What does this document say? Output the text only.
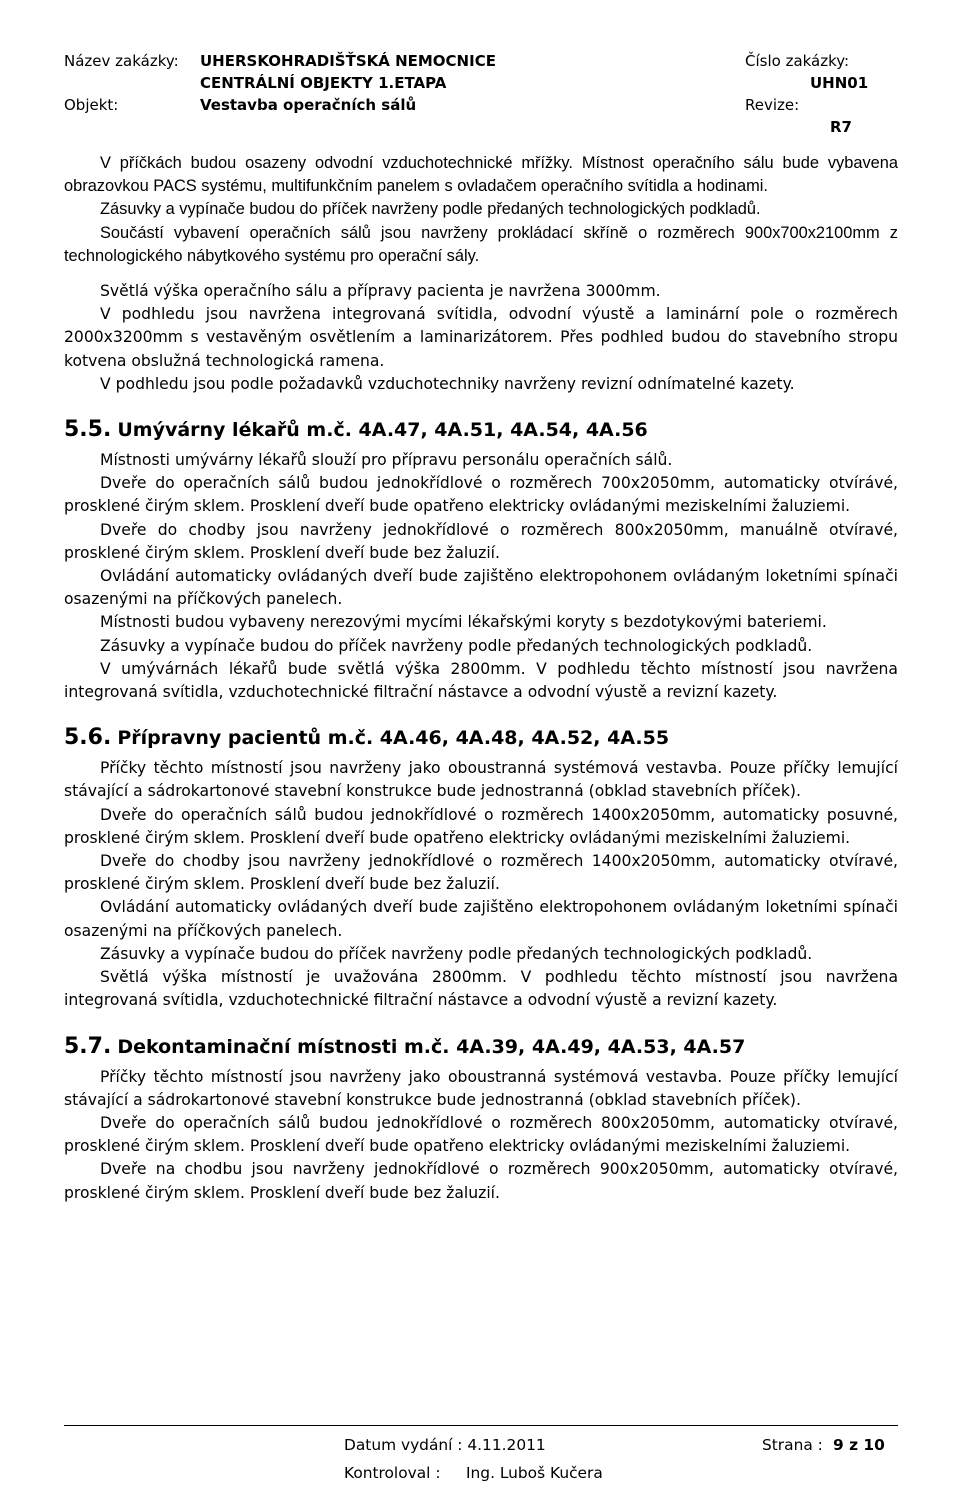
Název zakázky: UHERSKOHRADIŠŤSKÁ NEMOCNICE
CENTRÁLNÍ OBJEKTY 1.ETAPA
Objekt:	Vestavba operačních sálů
Číslo zakázky:
UHN01
Revize:
R7

V příčkách budou osazeny odvodní vzduchotechnické mřížky. Místnost operačního sálu bude vybavena obrazovkou PACS systému, multifunkčním panelem s ovladačem operačního svítidla a hodinami.

Zásuvky a vypínače budou do příček navrženy podle předaných technologických podkladů.

Součástí vybavení operačních sálů jsou navrženy prokládací skříně o rozměrech 900x700x2100mm z technologického nábytkového systému pro operační sály.

Světlá výška operačního sálu a přípravy pacienta je navržena 3000mm.

V podhledu jsou navržena integrovaná svítidla, odvodní výustě a laminární pole o rozměrech 2000x3200mm s vestavěným osvětlením a laminarizátorem. Přes podhled budou do stavebního stropu kotvena obslužná technologická ramena.

V podhledu jsou podle požadavků vzduchotechniky navrženy revizní odnímatelné kazety.

5.5. Umývárny lékařů m.č. 4A.47, 4A.51, 4A.54, 4A.56

Místnosti umývárny lékařů slouží pro přípravu personálu operačních sálů.

Dveře do operačních sálů budou jednokřídlové o rozměrech 700x2050mm, automaticky otvírávé, prosklené čirým sklem. Prosklení dveří bude opatřeno elektricky ovládanými meziskelními žaluziemi.

Dveře do chodby jsou navrženy jednokřídlové o rozměrech 800x2050mm, manuálně otvíravé, prosklené čirým sklem. Prosklení dveří bude bez žaluzií.

Ovládání automaticky ovládaných dveří bude zajištěno elektropohonem ovládaným loketními spínači osazenými na příčkových panelech.

Místnosti budou vybaveny nerezovými mycími lékařskými koryty s bezdotykovými bateriemi.

Zásuvky a vypínače budou do příček navrženy podle předaných technologických podkladů.

V umývárnách lékařů bude světlá výška 2800mm. V podhledu těchto místností jsou navržena integrovaná svítidla, vzduchotechnické filtrační nástavce a odvodní výustě a revizní kazety.

5.6. Přípravny pacientů m.č. 4A.46, 4A.48, 4A.52, 4A.55

Příčky těchto místností jsou navrženy jako oboustranná systémová vestavba. Pouze příčky lemující stávající a sádrokartonové stavební konstrukce bude jednostranná (obklad stavebních příček).

Dveře do operačních sálů budou jednokřídlové o rozměrech 1400x2050mm, automaticky posuvné, prosklené čirým sklem. Prosklení dveří bude opatřeno elektricky ovládanými meziskelními žaluziemi.

Dveře do chodby jsou navrženy jednokřídlové o rozměrech 1400x2050mm, automaticky otvíravé, prosklené čirým sklem. Prosklení dveří bude bez žaluzií.

Ovládání automaticky ovládaných dveří bude zajištěno elektropohonem ovládaným loketními spínači osazenými na příčkových panelech.

Zásuvky a vypínače budou do příček navrženy podle předaných technologických podkladů.

Světlá výška místností je uvažována 2800mm. V podhledu těchto místností jsou navržena integrovaná svítidla, vzduchotechnické filtrační nástavce a odvodní výustě a revizní kazety.

5.7. Dekontaminační místnosti m.č. 4A.39, 4A.49, 4A.53, 4A.57

Příčky těchto místností jsou navrženy jako oboustranná systémová vestavba. Pouze příčky lemující stávající a sádrokartonové stavební konstrukce bude jednostranná (obklad stavebních příček).

Dveře do operačních sálů budou jednokřídlové o rozměrech 800x2050mm, automaticky otvíravé, prosklené čirým sklem. Prosklení dveří bude opatřeno elektricky ovládanými meziskelními žaluziemi.

Dveře na chodbu jsou navrženy jednokřídlové o rozměrech 900x2050mm, automaticky otvíravé, prosklené čirým sklem. Prosklení dveří bude bez žaluzií.

Datum vydání : 4.11.2011	Strana : 9 z 10
Kontroloval : Ing. Luboš Kučera
